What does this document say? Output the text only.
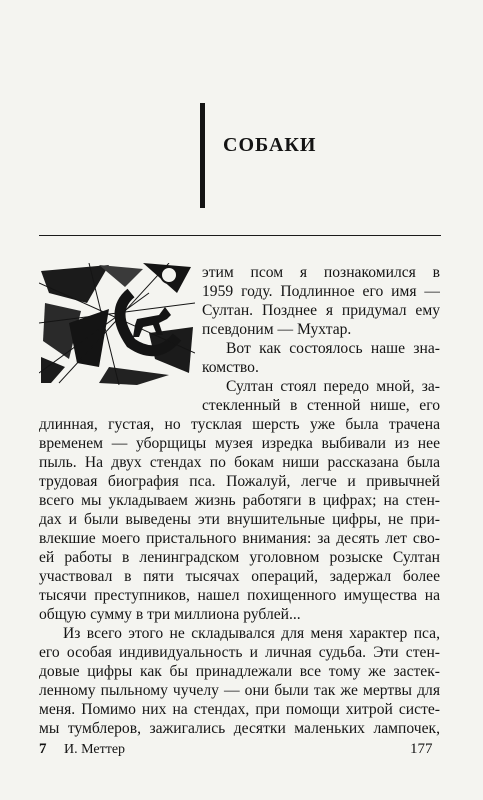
СОБАКИ
этим псом я познакомился в
1959 году. Подлинное его имя —
Султан. Позднее я придумал ему
псевдоним — Мухтар.
Вот как состоялось наше зна-
комство.
Султан стоял передо мной, за-
стекленный в стенной нише, его
длинная, густая, но тусклая шерсть уже была трачена
временем — уборщицы музея изредка выбивали из нее
пыль. На двух стендах по бокам ниши рассказана была
трудовая биография пса. Пожалуй, легче и привычней
всего мы укладываем жизнь работяги в цифрах; на стен-
дах и были выведены эти внушительные цифры, не при-
влекшие моего пристального внимания: за десять лет сво-
ей работы в ленинградском уголовном розыске Султан
участвовал в пяти тысячах операций, задержал более
тысячи преступников, нашел похищенного имущества на
общую сумму в три миллиона рублей...
Из всего этого не складывался для меня характер пса,
его особая индивидуальность и личная судьба. Эти стен-
довые цифры как бы принадлежали все тому же застек-
ленному пыльному чучелу — они были так же мертвы для
меня. Помимо них на стендах, при помощи хитрой систе-
мы тумблеров, зажигались десятки маленьких лампочек,
7 И. Меттер	177
